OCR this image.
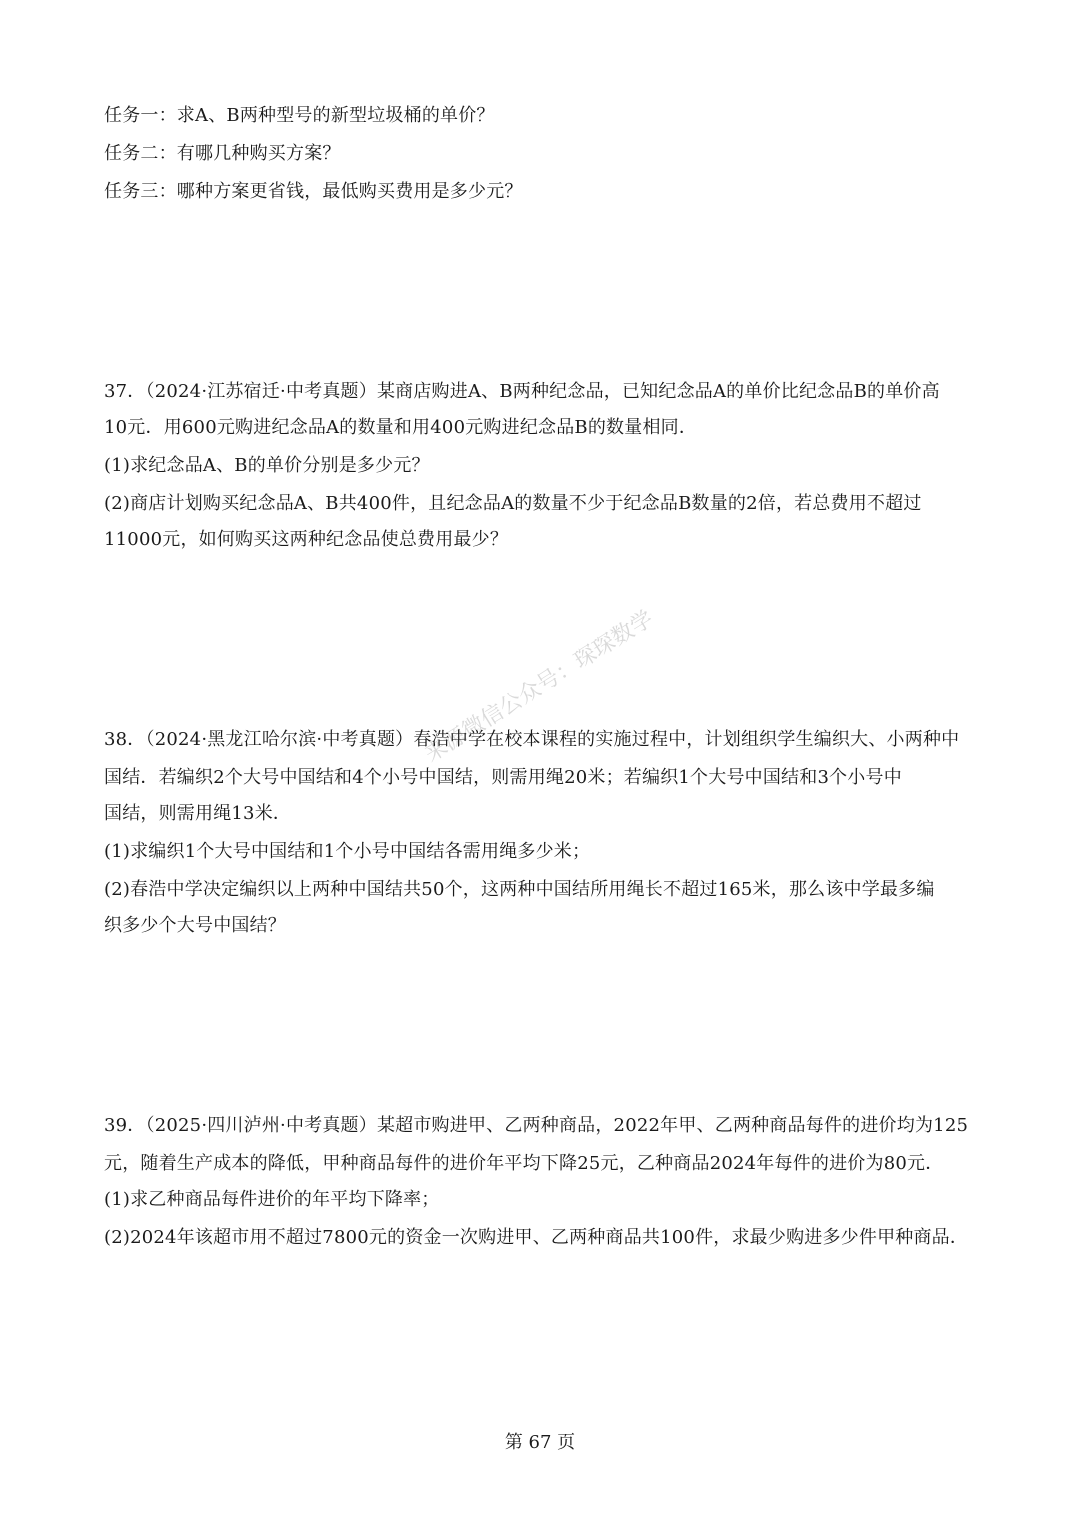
任务一：求A、B两种型号的新型垃圾桶的单价？
任务二：有哪几种购买方案？
任务三：哪种方案更省钱，最低购买费用是多少元？
37．（2024·江苏宿迁·中考真题）某商店购进A、B两种纪念品，已知纪念品A的单价比纪念品B的单价高
10元．用600元购进纪念品A的数量和用400元购进纪念品B的数量相同．
(1)求纪念品A、B的单价分别是多少元？
(2)商店计划购买纪念品A、B共400件，且纪念品A的数量不少于纪念品B数量的2倍，若总费用不超过
11000元，如何购买这两种纪念品使总费用最少？
来源微信公众号：琛琛数学
38．（2024·黑龙江哈尔滨·中考真题）春浩中学在校本课程的实施过程中，计划组织学生编织大、小两种中
国结．若编织2个大号中国结和4个小号中国结，则需用绳20米；若编织1个大号中国结和3个小号中
国结，则需用绳13米．
(1)求编织1个大号中国结和1个小号中国结各需用绳多少米；
(2)春浩中学决定编织以上两种中国结共50个，这两种中国结所用绳长不超过165米，那么该中学最多编
织多少个大号中国结？
39．（2025·四川泸州·中考真题）某超市购进甲、乙两种商品，2022年甲、乙两种商品每件的进价均为125
元，随着生产成本的降低，甲种商品每件的进价年平均下降25元，乙种商品2024年每件的进价为80元．
(1)求乙种商品每件进价的年平均下降率；
(2)2024年该超市用不超过7800元的资金一次购进甲、乙两种商品共100件，求最少购进多少件甲种商品．
第 67 页
